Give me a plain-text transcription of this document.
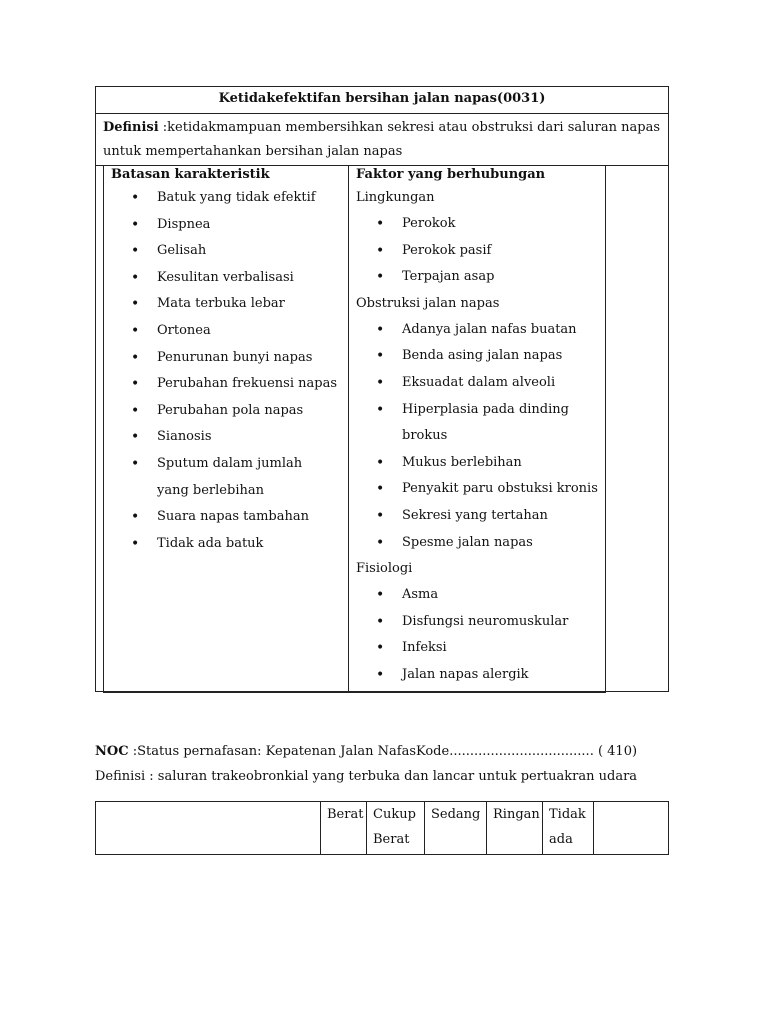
Ketidakefektifan bersihan jalan napas(0031)
Definisi :ketidakmampuan membersihkan sekresi atau obstruksi dari saluran napas untuk mempertahankan bersihan jalan napas
Batasan karakteristik
• Batuk yang tidak efektif
• Dispnea
• Gelisah
• Kesulitan verbalisasi
• Mata terbuka lebar
• Ortonea
• Penurunan bunyi napas
• Perubahan frekuensi napas
• Perubahan pola napas
• Sianosis
• Sputum dalam jumlah yang berlebihan
• Suara napas tambahan
• Tidak ada batuk
Faktor yang berhubungan
Lingkungan
• Perokok
• Perokok pasif
• Terpajan asap
Obstruksi jalan napas
• Adanya jalan nafas buatan
• Benda asing jalan napas
• Eksuadat dalam alveoli
• Hiperplasia pada dinding brokus
• Mukus berlebihan
• Penyakit paru obstuksi kronis
• Sekresi yang tertahan
• Spesme jalan napas
Fisiologi
• Asma
• Disfungsi neuromuskular
• Infeksi
• Jalan napas alergik
NOC :Status pernafasan: Kepatenan Jalan NafasKode................................... ( 410)
Definisi : saluran trakeobronkial yang terbuka dan lancar untuk pertuakran udara
Berat Cukup Berat
Sedang Ringan Tidak ada
